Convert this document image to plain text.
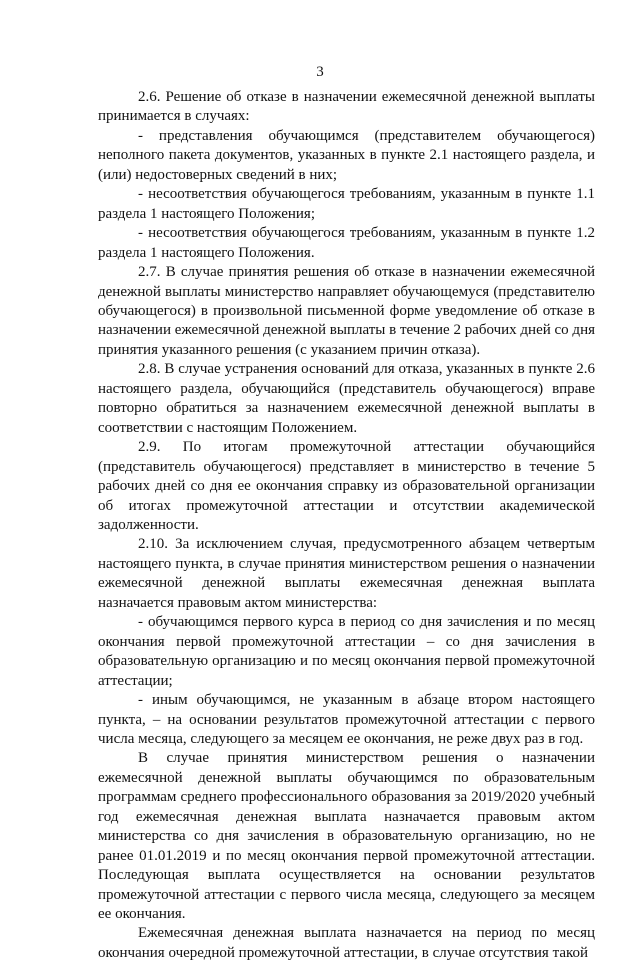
3

2.6. Решение об отказе в назначении ежемесячной денежной выплаты принимается в случаях:

- представления обучающимся (представителем обучающегося) неполного пакета документов, указанных в пункте 2.1 настоящего раздела, и (или) недостоверных сведений в них;

- несоответствия обучающегося требованиям, указанным в пункте 1.1 раздела 1 настоящего Положения;

- несоответствия обучающегося требованиям, указанным в пункте 1.2 раздела 1 настоящего Положения.

2.7. В случае принятия решения об отказе в назначении ежемесячной денежной выплаты министерство направляет обучающемуся (представителю обучающегося) в произвольной письменной форме уведомление об отказе в назначении ежемесячной денежной выплаты в течение 2 рабочих дней со дня принятия указанного решения (с указанием причин отказа).

2.8. В случае устранения оснований для отказа, указанных в пункте 2.6 настоящего раздела, обучающийся (представитель обучающегося) вправе повторно обратиться за назначением ежемесячной денежной выплаты в соответствии с настоящим Положением.

2.9. По итогам промежуточной аттестации обучающийся (представитель обучающегося) представляет в министерство в течение 5 рабочих дней со дня ее окончания справку из образовательной организации об итогах промежуточной аттестации и отсутствии академической задолженности.

2.10. За исключением случая, предусмотренного абзацем четвертым настоящего пункта, в случае принятия министерством решения о назначении ежемесячной денежной выплаты ежемесячная денежная выплата назначается правовым актом министерства:

- обучающимся первого курса в период со дня зачисления и по месяц окончания первой промежуточной аттестации – со дня зачисления в образовательную организацию и по месяц окончания первой промежуточной аттестации;

- иным обучающимся, не указанным в абзаце втором настоящего пункта, – на основании результатов промежуточной аттестации с первого числа месяца, следующего за месяцем ее окончания, не реже двух раз в год.

В случае принятия министерством решения о назначении ежемесячной денежной выплаты обучающимся по образовательным программам среднего профессионального образования за 2019/2020 учебный год ежемесячная денежная выплата назначается правовым актом министерства со дня зачисления в образовательную организацию, но не ранее 01.01.2019 и по месяц окончания первой промежуточной аттестации. Последующая выплата осуществляется на основании результатов промежуточной аттестации с первого числа месяца, следующего за месяцем ее окончания.

Ежемесячная денежная выплата назначается на период по месяц окончания очередной промежуточной аттестации, в случае отсутствия такой
